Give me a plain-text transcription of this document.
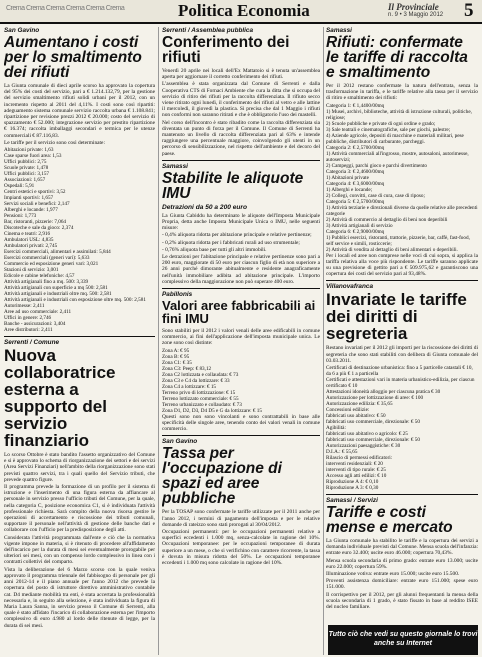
Crema Crema Crema Crema Crema Crema	Politica Economia	Il Provinciale
n. 9 • 3 Maggio 2012 5
San Gavino
Aumentano i costi per lo smaltimento dei rifiuti

La Giunta comunale di dieci aprile scorso ha approvato la copertura del 95% dei costi del servizio, pari a € 1.214.132,79, per la gestione del servizio smaltimento rifiuti solidi urbani per il 2012, con un incremento rispetto al 2011 del 4,11%. I costi sono così ripartiti: adeguamento sistema comunale servizio raccolta urbana € 1.108.841; ripartizione per revisione prezzi 2012 € 20.000; costo del servizio di spazzamento € 52.000; integrazione servizio per prestito ripartizione € 16.374; raccolta imballaggi secondari e termica per le utenze commerciali € 87.116,83.

Le tariffe per il servizio sono così determinate:

Abitazioni private: 1,63
Case sparse fuori area: 1,53
Uffici pubblici: 2,75
Scuole private: 1,478
Uffici pubblici: 3,157
Associazioni: 1,657
Ospedali: 5,91
Centri estetici e sportivi: 3,52
Impianti sportivi: 1,657
Servizi sociali e benefici: 2,147
Alberghi e locande: 1,977
Pensioni: 1,773
Bar, ristoranti, pizzerie: 7,064
Discoteche e sale da gioco: 2,374
Cinema e teatri: 2,916
Ambulatori USL: 4,835
Ambulatori privati: 2,745
Esercizi commerciali, alimentari e assimilati: 5,844
Esercizi commerciali (generi vari): 5,633
Commercio ed esposizione generi vari: 3,021
Stazioni di servizio: 3,001
Edicole e cabine telefoniche: 4,57
Attività artigianali fino a mq. 500: 3,339
Attività artigianali con superficie a mq 500: 2,581
Attività artigianali e industriali oltre mq. 500: 2,581
Attività artigianali e industriali con esposizione oltre mq. 500: 2,581
Autorimesse: 2,411
Aree ad uso commerciale: 2,411
Uffici in genere: 2,746
Banche - assicurazioni: 3,404
Aree distributori: 2,411
Serrenti / Comune
Nuova collaboratrice esterna a supporto del servizio finanziario

Lo scorso Ottobre è stato bandito l'assetto organizzativo del Comune e si è approvato lo schema di riorganizzazione dei settori e dei servizi (Area Servizi Finanziari) nell'ambito della riorganizzazione sono stati previsti quattro servizi, tra i quali quello del Servizio tributi, che prevede quattro figure.

Il programma prevede la formazione di un profilo per il sistema di istruzione e l'inserimento di una figura esterna da affiancare al personale in servizio presso l'ufficio tributi del Comune, per la quale, nella categoria C, posizione economica C1, si è individuata l'attività professionale richiesta. Sarà compito della nuova risorsa gestire le operazioni di accertamento e riscossione dei tributi comunali, supportare il personale nell'attività di gestione delle banche dati e collaborare con l'ufficio per la predisposizione degli atti.

Considerata l'attività programmata dall'ente e ciò che la normativa vigente impone in materia, si è ritenuto di procedere all'affidamento dell'incarico per la durata di mesi sei eventualmente prorogabile per ulteriori sei mesi, con un compenso lordo complessivo in linea con i contratti collettivi del comparto.

Vista la deliberazione del 6 Marzo scorso con la quale veniva approvato il programma triennale del fabbisogno di personale per gli anni 2012-14 e il piano annuale per l'anno 2012 che prevede la copertura del posto di istruttore direttivo amministrativo contabile cat. D4 mediante mobilità tra enti, è stata accertata la professionalità necessaria e, in seguito alla selezione, è stata individuata la figura di Maria Laura Sanna, in servizio presso il Comune di Serrenti, alla quale è stato affidato l'incarico di collaborazione esterna per l'importo complessivo di euro 4.980 al lordo delle ritenute di legge, per la durata di sei mesi.

Serrenti / Assemblea pubblica
Conferimento dei rifiuti

Venerdì 20 aprile nei locali dell'Ex Mattatoio si è tenuta un'assemblea aperta per aggiornare il corretto conferimento dei rifiuti.

L'assemblea è stata organizzata dal Comune di Serrenti e dalla Cooperativa CTS di Fornaci Ambiente che cura la ditta che si occupa del servizio di ritiro dei rifiuti per la raccolta differenziata. Il rifiuto secco viene ritirato ogni lunedì, il conferimento dei rifiuti al vetro e alle lattine il mercoledì, il giovedì la plastica. Si precisa che dal 1 Maggio i rifiuti non conformi non saranno ritirati e che è obbligatorio l'uso dei mastelli.

Nel corso dell'incontro è stato ribadito come la raccolta differenziata sia diventata un punto di forza per il Comune. Il Comune di Serrenti ha mantenuto un livello di raccolta differenziata pari al 63% e intende raggiungere una percentuale maggiore, coinvolgendo gli utenti in un percorso di sensibilizzazione, nel rispetto dell'ambiente e del decoro del paese.

Samassi
Stabilite le aliquote IMU
Detrazioni da 50 a 200 euro

La Giunta Cabiddu ha determinato le aliquote dell'Imposta Municipale Propria, detta anche Imposta Municipale Unica o IMU, nelle seguenti misure:

- 0,4% aliquota ridotta per abitazione principale e relative pertinenze;

- 0,2% aliquota ridotta per i fabbricati rurali ad uso strumentale;

- 0,76% aliquota base per tutti gli altri immobili.

Le detrazioni per l'abitazione principale e relative pertinenze sono pari a 200 euro, maggiorate di 50 euro per ciascun figlio di età non superiore a 26 anni purché dimorante abitualmente e residente anagraficamente nell'unità immobiliare adibita ad abitazione principale. L'importo complessivo della maggiorazione non può superare 400 euro.

Pabillonis
Valori aree fabbricabili ai fini IMU

Sono stabiliti per il 2012 i valori venali delle aree edificabili in comune commercio, ai fini dell'applicazione dell'imposta municipale unica. Le zone sono così distinte:

Zona A: € 95
Zona B: € 95
Zona C1: € 35
Zona C3: Peep: € 83,12
Zona C2 lottizzata e collaudata: € 73
Zona C3 e C4 da lottizzare: € 33
Zona C4 a lottizzare: € 15
Terreno privo di lottizzazione: € 15
Terreno lottizzato commerciale: € 55
Terreno urbanizzato e collaudato: € 73
Zona D1, D2, D3, D4 D5 e G da lottizzare: € 15

Questi sono non sono vincolanti e sono contrattabili in base alle specificità delle singole aree, tenendo conto dei valori venali in comune commercio.

San Gavino
Tassa per l'occupazione di spazi ed aree pubbliche

Per la TOSAP sono confermate le tariffe utilizzate per il 2011 anche per l'anno 2012, i termini di pagamento dell'imposta e per le relative domande di rateizzo sono stati prorogati al 30/04/2012.

Occupazioni permanenti: per le occupazioni permanenti relative a superfici eccedenti i 1.000 mq, senza-calcolate in ragione del 10%. Occupazioni temporanee: per le occupazioni temporanee di durata superiore a un mese, o che si verifichino con carattere ricorrente, la tassa è dovuta in misura ridotta del 50%. Le occupazioni temporanee eccedenti i 1.000 mq sono calcolate in ragione del 10%.

Samassi
Rifiuti: confermate le tariffe di raccolta e smaltimento

Per il 2012 restano confermate la natura dell'entrata, senza la trasformazione in tariffa, e le tariffe relative alla tassa per il servizio di ritiro e smaltimento dei rifiuti:

Categoria 1: € 1,4400/00mq
1) Musei, archivi, biblioteche, attività di istruzione culturali, politiche, religiose;
2) Scuole pubbliche e private di ogni ordine e grado;
3) Sale teatrali e cinematografiche, sale per giochi, palestre;
4) Aziende agricole, depositi di macchine e materiali militari, pese pubbliche, distributori di carburante, parcheggi.
Categoria 2: € 2,5700/00mq
1) Attività commerciali all'ingrosso, mostre, autosaloni, autorimesse, autoservizi;
2) Campeggi, parchi gioco e parchi divertimento
Categoria 3: € 2,4600/00mq
1) Abitazioni private
Categoria 4: € 3,6000/00mq
1) Alberghi e locande;
2) Collegi, convitti, case di cura, case di riposo;
Categoria 5: € 2,5700/00mq
1) Attività terziarie e direzionali diverse da quelle relative alle precedenti categorie
2) Attività di commercio al dettaglio di beni non deperibili
3) Attività artigianali di servizio
Categoria 6: € 2,9000/00mq
1) Pubblici esercizi, ristoranti, trattorie, pizzerie, bar, caffè, fast-food, self service e simili, rosticcerie;
2) Attività di vendita al dettaglio di beni alimentari o deperibili.

Per i locali ed aree non comprese nelle voci di cui sopra, si applica la tariffa relativa alla voce più rispondente. Le tariffe saranno applicate su una previsione di gettito pari a € 509.975,62 e garantiscono una copertura dei costi del servizio pari al 93,48%.

Villanovafranca
Invariate le tariffe dei diritti di segreteria

Restano invariati per il 2012 gli importi per la riscossione dei diritti di segreteria che sono stati stabiliti con delibera di Giunta comunale del 03.03.2011.

Certificati di destinazione urbanistica: fino a 5 particelle catastali € 10, da 6 a più € 1 a particella
Certificati e attestazioni vari in materia urbanistico-edilizia, per ciascun certificato € 10
Attestazioni idoneità alloggio per ciascuna pratica € 30
Autorizzazione per lottizzazione di aree: € 100
Autorizzazione edilizia: € 35,65
Concessioni edilizie:
fabbricati uso abitativo: € 50
fabbricati uso commerciale, direzionale: € 50
Agibilità:
fabbricati uso abitativo o agricolo: € 25
fabbricati uso commerciale, direzionale: € 50
Autorizzazioni paesaggistiche: € 30
D.I.A.: € 55,65
Rilascio di permessi edificatori:
interventi residenziali: € 20
interventi di tipo rurale: € 25
Accesso agli atti edilizi: € 10
Riproduzione A 4: € 0,10
Riproduzione A 3: € 0,30
Samassi / Servizi
Tariffe e costi mense e mercato

La Giunta comunale ha stabilito le tariffe e la copertura dei servizi a domanda individuale previsti dal Comune. Mensa scuola dell'infanzia: entrate euro 32.400; uscite euro 46.000; copertura 70,43%.

Mensa scuola secondaria di primo grado: entrate euro 13.000; uscite euro 22.000; copertura 59%.

Illuminazione votiva: entrate euro 15.000; uscite euro 15.500.

Proventi assistenza domiciliare: entrate euro 151.000; spese euro 151.000.

Il corrispettivo per il 2012, per gli alunni frequentanti la mensa della scuola secondaria di 1 grado, è stato fissato in base al reddito ISEE del nucleo familiare.

Tutto ciò che vedi su questo giornale lo trovi anche su Internet
